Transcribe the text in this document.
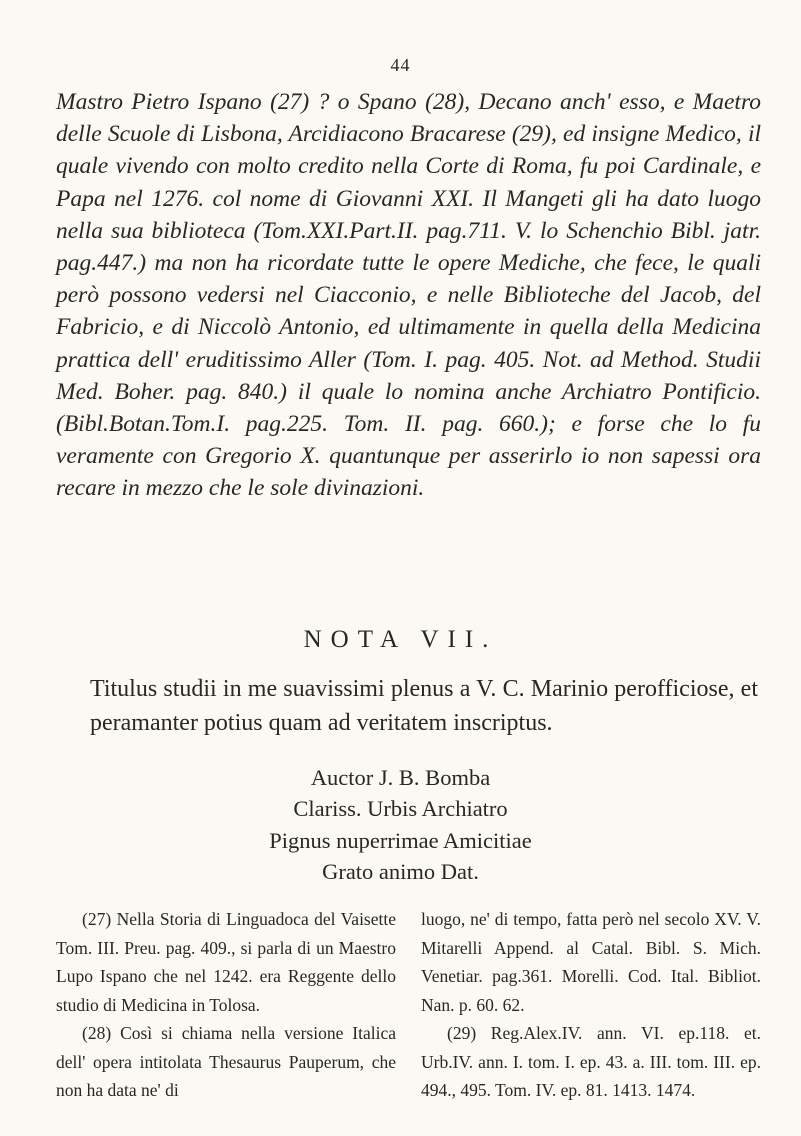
44

Mastro Pietro Ispano (27) ? o Spano (28), Decano anch' esso, e Maetro delle Scuole di Lisbona, Arcidiacono Bracarese (29), ed insigne Medico, il quale vivendo con molto credito nella Corte di Roma, fu poi Cardinale, e Papa nel 1276. col nome di Giovanni XXI. Il Mangeti gli ha dato luogo nella sua biblioteca (Tom.XXI.Part.II. pag.711. V. lo Schenchio Bibl. jatr. pag.447.) ma non ha ricordate tutte le opere Mediche, che fece, le quali però possono vedersi nel Ciacconio, e nelle Biblioteche del Jacob, del Fabricio, e di Niccolò Antonio, ed ultimamente in quella della Medicina prattica dell' eruditissimo Aller (Tom. I. pag. 405. Not. ad Method. Studii Med. Boher. pag. 840.) il quale lo nomina anche Archiatro Pontificio. (Bibl.Botan.Tom.I. pag.225. Tom. II. pag. 660.); e forse che lo fu veramente con Gregorio X. quantunque per asserirlo io non sapessi ora recare in mezzo che le sole divinazioni.

NOTA VII.

Titulus studii in me suavissimi plenus a V. C. Marinio perofficiose, et peramanter potius quam ad veritatem inscriptus.

Auctor J. B. Bomba
Clariss. Urbis Archiatro
Pignus nuperrimae Amicitiae
Grato animo Dat.

(27) Nella Storia di Linguadoca del Vaisette Tom. III. Preu. pag. 409., si parla di un Maestro Lupo Ispano che nel 1242. era Reggente dello studio di Medicina in Tolosa.

(28) Così si chiama nella versione Italica dell' opera intitolata Thesaurus Pauperum, che non ha data ne' di

luogo, ne' di tempo, fatta però nel secolo XV. V. Mitarelli Append. al Catal. Bibl. S. Mich. Venetiar. pag.361. Morelli. Cod. Ital. Bibliot. Nan. p. 60. 62.

(29) Reg.Alex.IV. ann. VI. ep.118. et. Urb.IV. ann. I. tom. I. ep. 43. a. III. tom. III. ep. 494., 495. Tom. IV. ep. 81. 1413. 1474.
